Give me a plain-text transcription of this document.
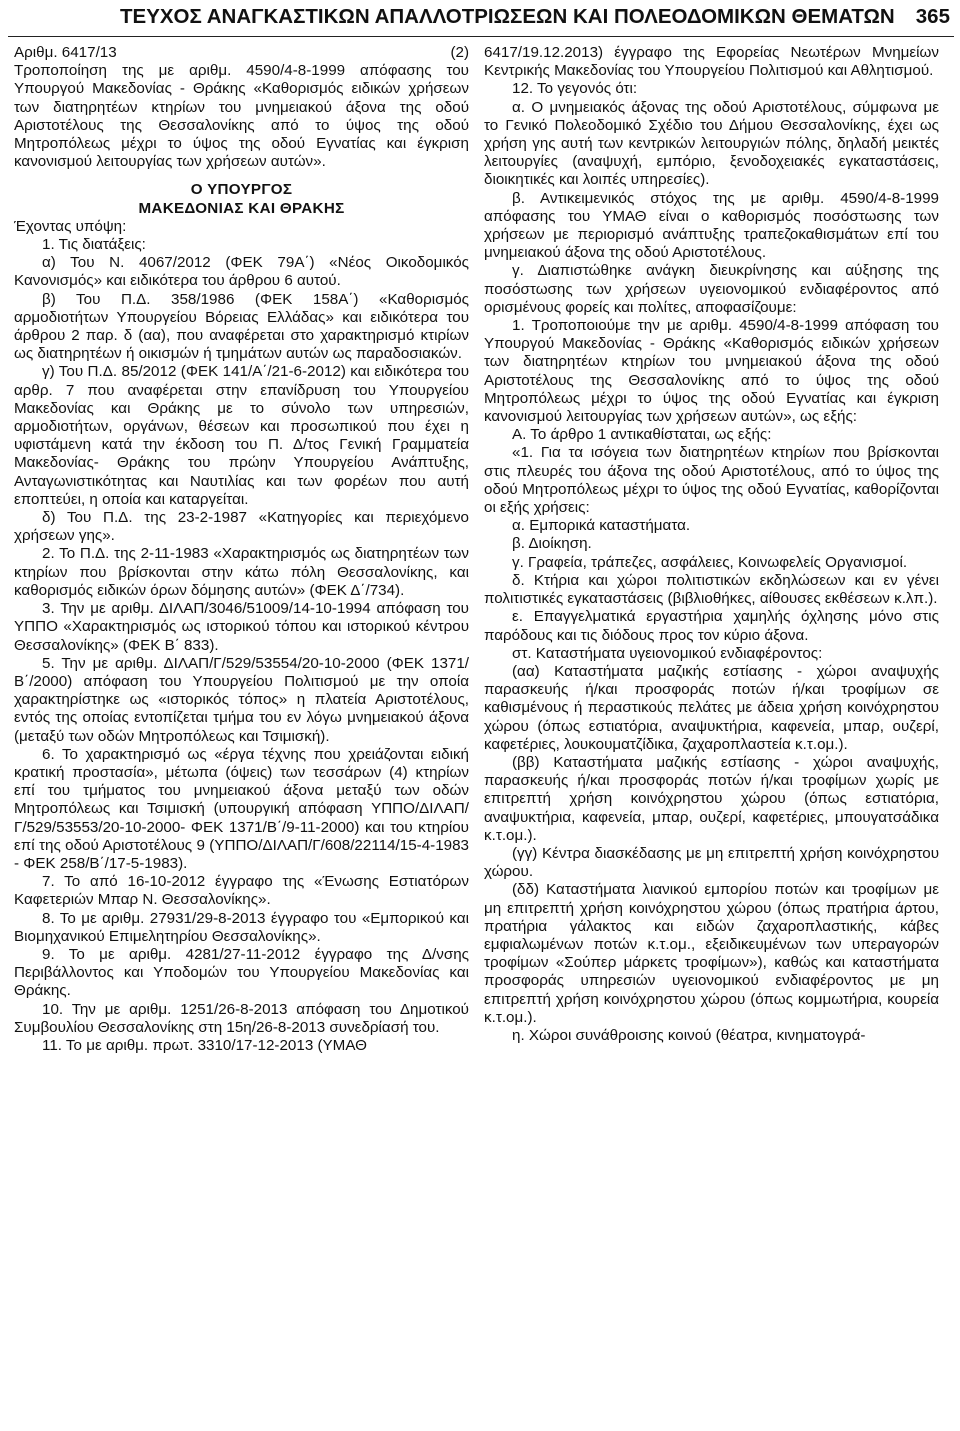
ΤΕΥΧΟΣ ΑΝΑΓΚΑΣΤΙΚΩΝ ΑΠΑΛΛΟΤΡΙΩΣΕΩΝ ΚΑΙ ΠΟΛΕΟΔΟΜΙΚΩΝ ΘΕΜΑΤΩΝ 365
Αριθμ. 6417/13	(2)

Τροποποίηση της με αριθμ. 4590/4-8-1999 απόφασης του Υπουργού Μακεδονίας - Θράκης «Καθορισμός ειδικών χρήσεων των διατηρητέων κτηρίων του μνημειακού άξονα της οδού Αριστοτέλους της Θεσσαλονίκης από το ύψος της οδού Μητροπόλεως μέχρι το ύψος της οδού Εγνατίας και έγκριση κανονισμού λειτουργίας των χρήσεων αυτών».

Ο ΥΠΟΥΡΓΟΣ

ΜΑΚΕΔΟΝΙΑΣ ΚΑΙ ΘΡΑΚΗΣ

Έχοντας υπόψη:

1. Τις διατάξεις:

α) Του Ν. 4067/2012 (ΦΕΚ 79Α΄) «Νέος Οικοδομικός Κανονισμός» και ειδικότερα του άρθρου 6 αυτού.

β) Του Π.Δ. 358/1986 (ΦΕΚ 158Α΄) «Καθορισμός αρμοδιοτήτων Υπουργείου Βόρειας Ελλάδας» και ειδικότερα του άρθρου 2 παρ. δ (αα), που αναφέρεται στο χαρακτηρισμό κτιρίων ως διατηρητέων ή οικισμών ή τμημάτων αυτών ως παραδοσιακών.

γ) Του Π.Δ. 85/2012 (ΦΕΚ 141/Α΄/21-6-2012) και ειδικότερα του αρθρ. 7 που αναφέρεται στην επανίδρυση του Υπουργείου Μακεδονίας και Θράκης με το σύνολο των υπηρεσιών, αρμοδιοτήτων, οργάνων, θέσεων και προσωπικού που έχει η υφιστάμενη κατά την έκδοση του Π. Δ/τος Γενική Γραμματεία Μακεδονίας- Θράκης του πρώην Υπουργείου Ανάπτυξης, Ανταγωνιστικότητας και Ναυτιλίας και των φορέων που αυτή εποπτεύει, η οποία και καταργείται.

δ) Του Π.Δ. της 23-2-1987 «Κατηγορίες και περιεχόμενο χρήσεων γης».

2. Το Π.Δ. της 2-11-1983 «Χαρακτηρισμός ως διατηρητέων των κτηρίων που βρίσκονται στην κάτω πόλη Θεσσαλονίκης, και καθορισμός ειδικών όρων δόμησης αυτών» (ΦΕΚ Δ΄/734).

3. Την με αριθμ. ΔΙΛΑΠ/3046/51009/14-10-1994 απόφαση του ΥΠΠΟ «Χαρακτηρισμός ως ιστορικού τόπου και ιστορικού κέντρου Θεσσαλονίκης» (ΦΕΚ Β΄ 833).

5. Την με αριθμ. ΔΙΛΑΠ/Γ/529/53554/20-10-2000 (ΦΕΚ 1371/Β΄/2000) απόφαση του Υπουργείου Πολιτισμού με την οποία χαρακτηρίστηκε ως «ιστορικός τόπος» η πλατεία Αριστοτέλους, εντός της οποίας εντοπίζεται τμήμα του εν λόγω μνημειακού άξονα (μεταξύ των οδών Μητροπόλεως και Τσιμισκή).

6. Το χαρακτηρισμό ως «έργα τέχνης που χρειάζονται ειδική κρατική προστασία», μέτωπα (όψεις) των τεσσάρων (4) κτηρίων επί του τμήματος του μνημειακού άξονα μεταξύ των οδών Μητροπόλεως και Τσιμισκή (υπουργική απόφαση ΥΠΠΟ/ΔΙΛΑΠ/Γ/529/53553/20-10-2000- ΦΕΚ 1371/Β΄/9-11-2000) και του κτηρίου επί της οδού Αριστοτέλους 9 (ΥΠΠΟ/ΔΙΛΑΠ/Γ/608/22114/15-4-1983 - ΦΕΚ 258/Β΄/17-5-1983).

7. Το από 16-10-2012 έγγραφο της «Ένωσης Εστιατόρων Καφετεριών Μπαρ Ν. Θεσσαλονίκης».

8. Το με αριθμ. 27931/29-8-2013 έγγραφο του «Εμπορικού και Βιομηχανικού Επιμελητηρίου Θεσσαλονίκης».

9. Το με αριθμ. 4281/27-11-2012 έγγραφο της Δ/νσης Περιβάλλοντος και Υποδομών του Υπουργείου Μακεδονίας και Θράκης.

10. Την με αριθμ. 1251/26-8-2013 απόφαση του Δημοτικού Συμβουλίου Θεσσαλονίκης στη 15η/26-8-2013 συνεδρίασή του.

11. Το με αριθμ. πρωτ. 3310/17-12-2013 (ΥΜΑΘ

6417/19.12.2013) έγγραφο της Εφορείας Νεωτέρων Μνημείων Κεντρικής Μακεδονίας του Υπουργείου Πολιτισμού και Αθλητισμού.

12. Το γεγονός ότι:

α. Ο μνημειακός άξονας της οδού Αριστοτέλους, σύμφωνα με το Γενικό Πολεοδομικό Σχέδιο του Δήμου Θεσσαλονίκης, έχει ως χρήση γης αυτή των κεντρικών λειτουργιών πόλης, δηλαδή μεικτές λειτουργίες (αναψυχή, εμπόριο, ξενοδοχειακές εγκαταστάσεις, διοικητικές και λοιπές υπηρεσίες).

β. Αντικειμενικός στόχος της με αριθμ. 4590/4-8-1999 απόφασης του ΥΜΑΘ είναι ο καθορισμός ποσόστωσης των χρήσεων με περιορισμό ανάπτυξης τραπεζοκαθισμάτων επί του μνημειακού άξονα της οδού Αριστοτέλους.

γ. Διαπιστώθηκε ανάγκη διευκρίνησης και αύξησης της ποσόστωσης των χρήσεων υγειονομικού ενδιαφέροντος από ορισμένους φορείς και πολίτες, αποφασίζουμε:

1. Τροποποιούμε την με αριθμ. 4590/4-8-1999 απόφαση του Υπουργού Μακεδονίας - Θράκης «Καθορισμός ειδικών χρήσεων των διατηρητέων κτηρίων του μνημειακού άξονα της οδού Αριστοτέλους της Θεσσαλονίκης από το ύψος της οδού Μητροπόλεως μέχρι το ύψος της οδού Εγνατίας και έγκριση κανονισμού λειτουργίας των χρήσεων αυτών», ως εξής:

Α. Το άρθρο 1 αντικαθίσταται, ως εξής:

«1. Για τα ισόγεια των διατηρητέων κτηρίων που βρίσκονται στις πλευρές του άξονα της οδού Αριστοτέλους, από το ύψος της οδού Μητροπόλεως μέχρι το ύψος της οδού Εγνατίας, καθορίζονται οι εξής χρήσεις:

α. Εμπορικά καταστήματα.

β. Διοίκηση.

γ. Γραφεία, τράπεζες, ασφάλειες, Κοινωφελείς Οργανισμοί.

δ. Κτήρια και χώροι πολιτιστικών εκδηλώσεων και εν γένει πολιτιστικές εγκαταστάσεις (βιβλιοθήκες, αίθουσες εκθέσεων κ.λπ.).

ε. Επαγγελματικά εργαστήρια χαμηλής όχλησης μόνο στις παρόδους και τις διόδους προς τον κύριο άξονα.

στ. Καταστήματα υγειονομικού ενδιαφέροντος:

(αα) Καταστήματα μαζικής εστίασης - χώροι αναψυχής παρασκευής ή/και προσφοράς ποτών ή/και τροφίμων σε καθισμένους ή περαστικούς πελάτες με άδεια χρήση κοινόχρηστου χώρου (όπως εστιατόρια, αναψυκτήρια, καφενεία, μπαρ, ουζερί, καφετέριες, λουκουματζίδικα, ζαχαροπλαστεία κ.τ.ομ.).

(ββ) Καταστήματα μαζικής εστίασης - χώροι αναψυχής, παρασκευής ή/και προσφοράς ποτών ή/και τροφίμων χωρίς με επιτρεπτή χρήση κοινόχρηστου χώρου (όπως εστιατόρια, αναψυκτήρια, καφενεία, μπαρ, ουζερί, καφετέριες, μπουγατσάδικα κ.τ.ομ.).

(γγ) Κέντρα διασκέδασης με μη επιτρεπτή χρήση κοινόχρηστου χώρου.

(δδ) Καταστήματα λιανικού εμπορίου ποτών και τροφίμων με μη επιτρεπτή χρήση κοινόχρηστου χώρου (όπως πρατήρια άρτου, πρατήρια γάλακτος και ειδών ζαχαροπλαστικής, κάβες εμφιαλωμένων ποτών κ.τ.ομ., εξειδικευμένων των υπεραγορών τροφίμων «Σούπερ μάρκετς τροφίμων»), καθώς και καταστήματα προσφοράς υπηρεσιών υγειονομικού ενδιαφέροντος με μη επιτρεπτή χρήση κοινόχρηστου χώρου (όπως κομμωτήρια, κουρεία κ.τ.ομ.).

η. Χώροι συνάθροισης κοινού (θέατρα, κινηματογρά-
